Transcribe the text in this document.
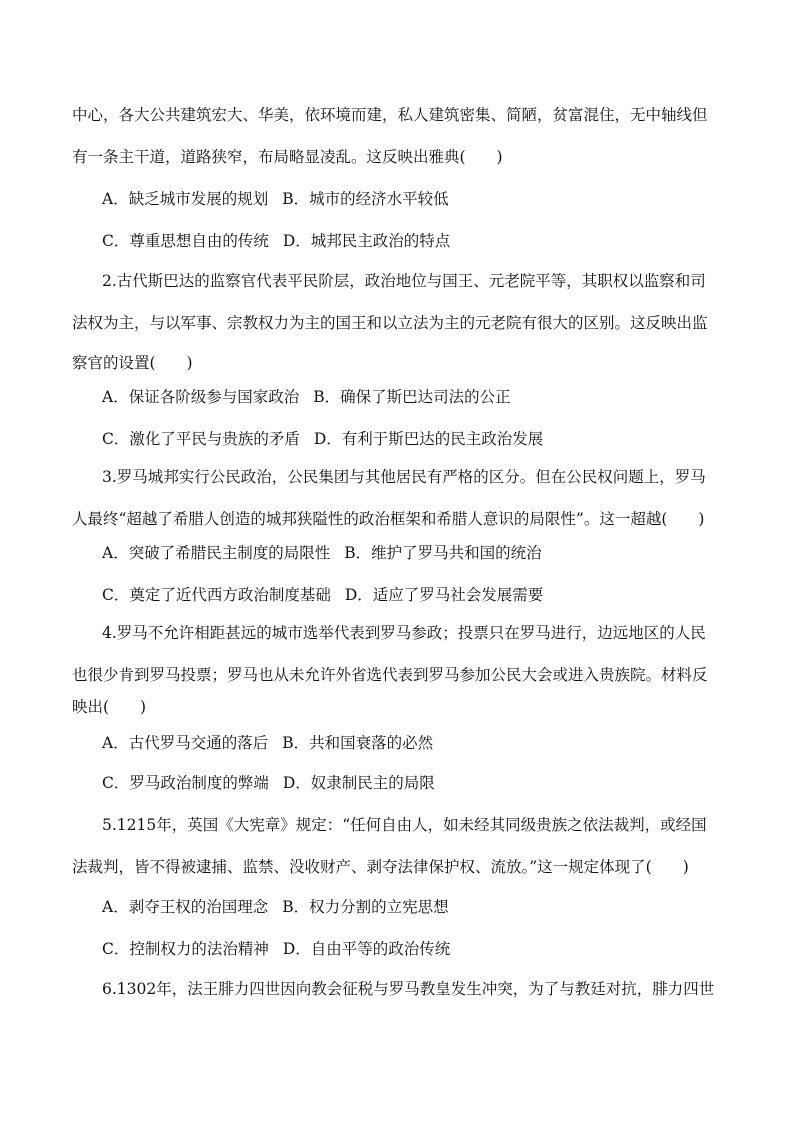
中心，各大公共建筑宏大、华美，依环境而建，私人建筑密集、简陋，贫富混住，无中轴线但
有一条主干道，道路狭窄，布局略显凌乱。这反映出雅典(　　)
A．缺乏城市发展的规划 B．城市的经济水平较低
C．尊重思想自由的传统 D．城邦民主政治的特点
2.古代斯巴达的监察官代表平民阶层，政治地位与国王、元老院平等，其职权以监察和司
法权为主，与以军事、宗教权力为主的国王和以立法为主的元老院有很大的区别。这反映出监
察官的设置(　　)
A．保证各阶级参与国家政治 B．确保了斯巴达司法的公正
C．激化了平民与贵族的矛盾 D．有利于斯巴达的民主政治发展
3.罗马城邦实行公民政治，公民集团与其他居民有严格的区分。但在公民权问题上，罗马
人最终“超越了希腊人创造的城邦狭隘性的政治框架和希腊人意识的局限性”。这一超越(　　)
A．突破了希腊民主制度的局限性 B．维护了罗马共和国的统治
C．奠定了近代西方政治制度基础 D．适应了罗马社会发展需要
4.罗马不允许相距甚远的城市选举代表到罗马参政；投票只在罗马进行，边远地区的人民
也很少肯到罗马投票；罗马也从未允许外省选代表到罗马参加公民大会或进入贵族院。材料反
映出(　　)
A．古代罗马交通的落后 B．共和国衰落的必然
C．罗马政治制度的弊端 D．奴隶制民主的局限
5.1215年，英国《大宪章》规定：“任何自由人，如未经其同级贵族之依法裁判，或经国
法裁判，皆不得被逮捕、监禁、没收财产、剥夺法律保护权、流放。”这一规定体现了(　　)
A．剥夺王权的治国理念 B．权力分割的立宪思想
C．控制权力的法治精神 D．自由平等的政治传统
6.1302年，法王腓力四世因向教会征税与罗马教皇发生冲突，为了与教廷对抗，腓力四世
